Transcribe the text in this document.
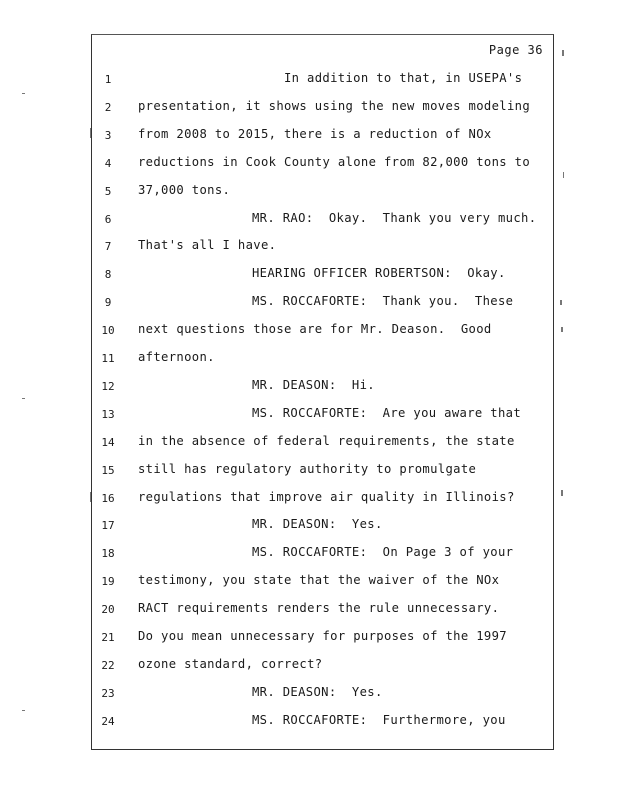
Page 36
1	In addition to that, in USEPA's
2	presentation, it shows using the new moves modeling
3	from 2008 to 2015, there is a reduction of NOx
4	reductions in Cook County alone from 82,000 tons to
5	37,000 tons.
6	MR. RAO:  Okay.  Thank you very much.
7	That's all I have.
8	HEARING OFFICER ROBERTSON:  Okay.
9	MS. ROCCAFORTE:  Thank you.  These
10 next questions those are for Mr. Deason.  Good
11 afternoon.
12	MR. DEASON:  Hi.
13	MS. ROCCAFORTE:  Are you aware that
14 in the absence of federal requirements, the state
15 still has regulatory authority to promulgate
16 regulations that improve air quality in Illinois?
17	MR. DEASON:  Yes.
18	MS. ROCCAFORTE:  On Page 3 of your
19 testimony, you state that the waiver of the NOx
20 RACT requirements renders the rule unnecessary.
21 Do you mean unnecessary for purposes of the 1997
22 ozone standard, correct?
23	MR. DEASON:  Yes.
24	MS. ROCCAFORTE:  Furthermore, you
